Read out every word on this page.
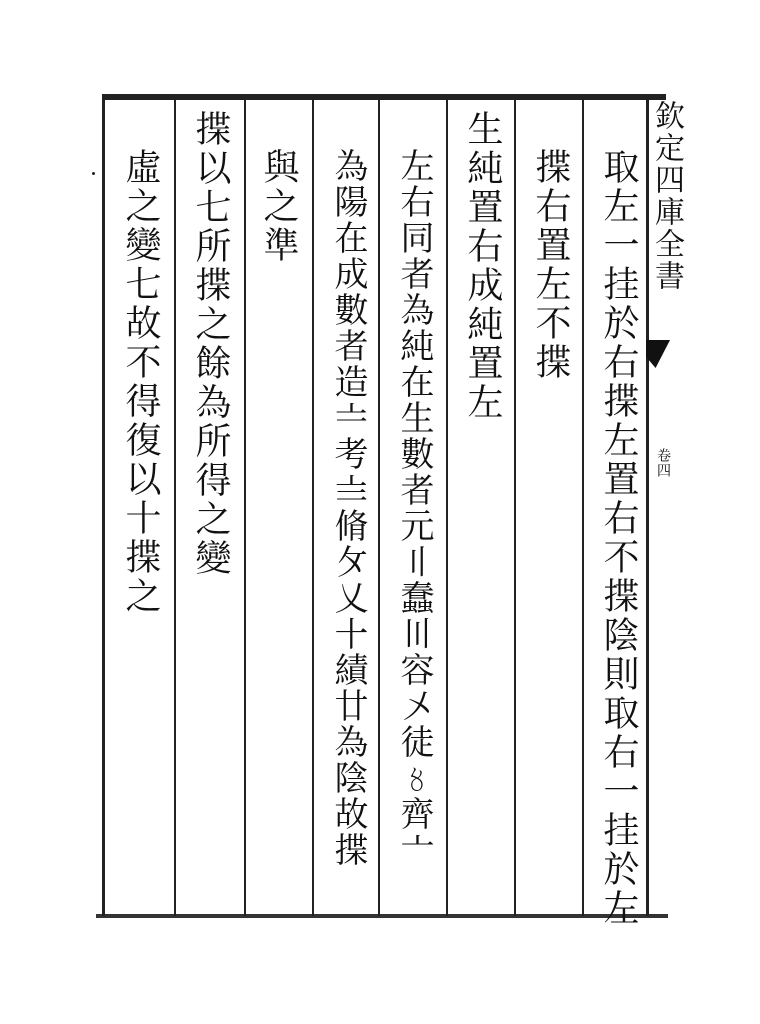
欽定四庫全書
卷四
取左一挂於右揲左置右不揲陰則取右一挂於左
揲右置左不揲
生純置右成純置左
左右同者為純在生數者元〢蠢〣容〤徒〥齊〦
為陽在成數者造〧考〨脩〩乂〸績廿為陰故揲
與之準
揲以七所揲之餘為所得之變
虛之變七故不得復以十揲之
